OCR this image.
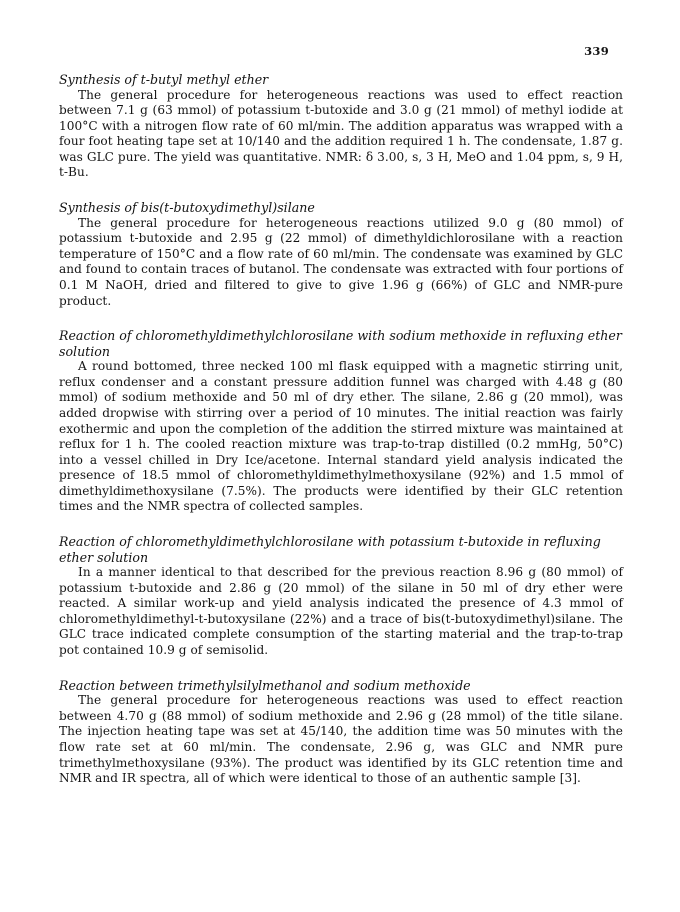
339

Synthesis of t-butyl methyl ether

The general procedure for heterogeneous reactions was used to effect reaction between 7.1 g (63 mmol) of potassium t-butoxide and 3.0 g (21 mmol) of methyl iodide at 100°C with a nitrogen flow rate of 60 ml/min. The addition apparatus was wrapped with a four foot heating tape set at 10/140 and the addition required 1 h. The condensate, 1.87 g. was GLC pure. The yield was quantitative. NMR: δ 3.00, s, 3 H, MeO and 1.04 ppm, s, 9 H, t-Bu.

Synthesis of bis(t-butoxydimethyl)silane

The general procedure for heterogeneous reactions utilized 9.0 g (80 mmol) of potassium t-butoxide and 2.95 g (22 mmol) of dimethyldichlorosilane with a reaction temperature of 150°C and a flow rate of 60 ml/min. The condensate was examined by GLC and found to contain traces of butanol. The condensate was extracted with four portions of 0.1 M NaOH, dried and filtered to give to give 1.96 g (66%) of GLC and NMR-pure product.

Reaction of chloromethyldimethylchlorosilane with sodium methoxide in refluxing ether solution

A round bottomed, three necked 100 ml flask equipped with a magnetic stirring unit, reflux condenser and a constant pressure addition funnel was charged with 4.48 g (80 mmol) of sodium methoxide and 50 ml of dry ether. The silane, 2.86 g (20 mmol), was added dropwise with stirring over a period of 10 minutes. The initial reaction was fairly exothermic and upon the completion of the addition the stirred mixture was maintained at reflux for 1 h. The cooled reaction mixture was trap-to-trap distilled (0.2 mmHg, 50°C) into a vessel chilled in Dry Ice/acetone. Internal standard yield analysis indicated the presence of 18.5 mmol of chloromethyldimethylmethoxysilane (92%) and 1.5 mmol of dimethyldimethoxysilane (7.5%). The products were identified by their GLC retention times and the NMR spectra of collected samples.

Reaction of chloromethyldimethylchlorosilane with potassium t-butoxide in refluxing ether solution

In a manner identical to that described for the previous reaction 8.96 g (80 mmol) of potassium t-butoxide and 2.86 g (20 mmol) of the silane in 50 ml of dry ether were reacted. A similar work-up and yield analysis indicated the presence of 4.3 mmol of chloromethyldimethyl-t-butoxysilane (22%) and a trace of bis(t-butoxydimethyl)silane. The GLC trace indicated complete consumption of the starting material and the trap-to-trap pot contained 10.9 g of semisolid.

Reaction between trimethylsilylmethanol and sodium methoxide

The general procedure for heterogeneous reactions was used to effect reaction between 4.70 g (88 mmol) of sodium methoxide and 2.96 g (28 mmol) of the title silane. The injection heating tape was set at 45/140, the addition time was 50 minutes with the flow rate set at 60 ml/min. The condensate, 2.96 g, was GLC and NMR pure trimethylmethoxysilane (93%). The product was identified by its GLC retention time and NMR and IR spectra, all of which were identical to those of an authentic sample [3].
